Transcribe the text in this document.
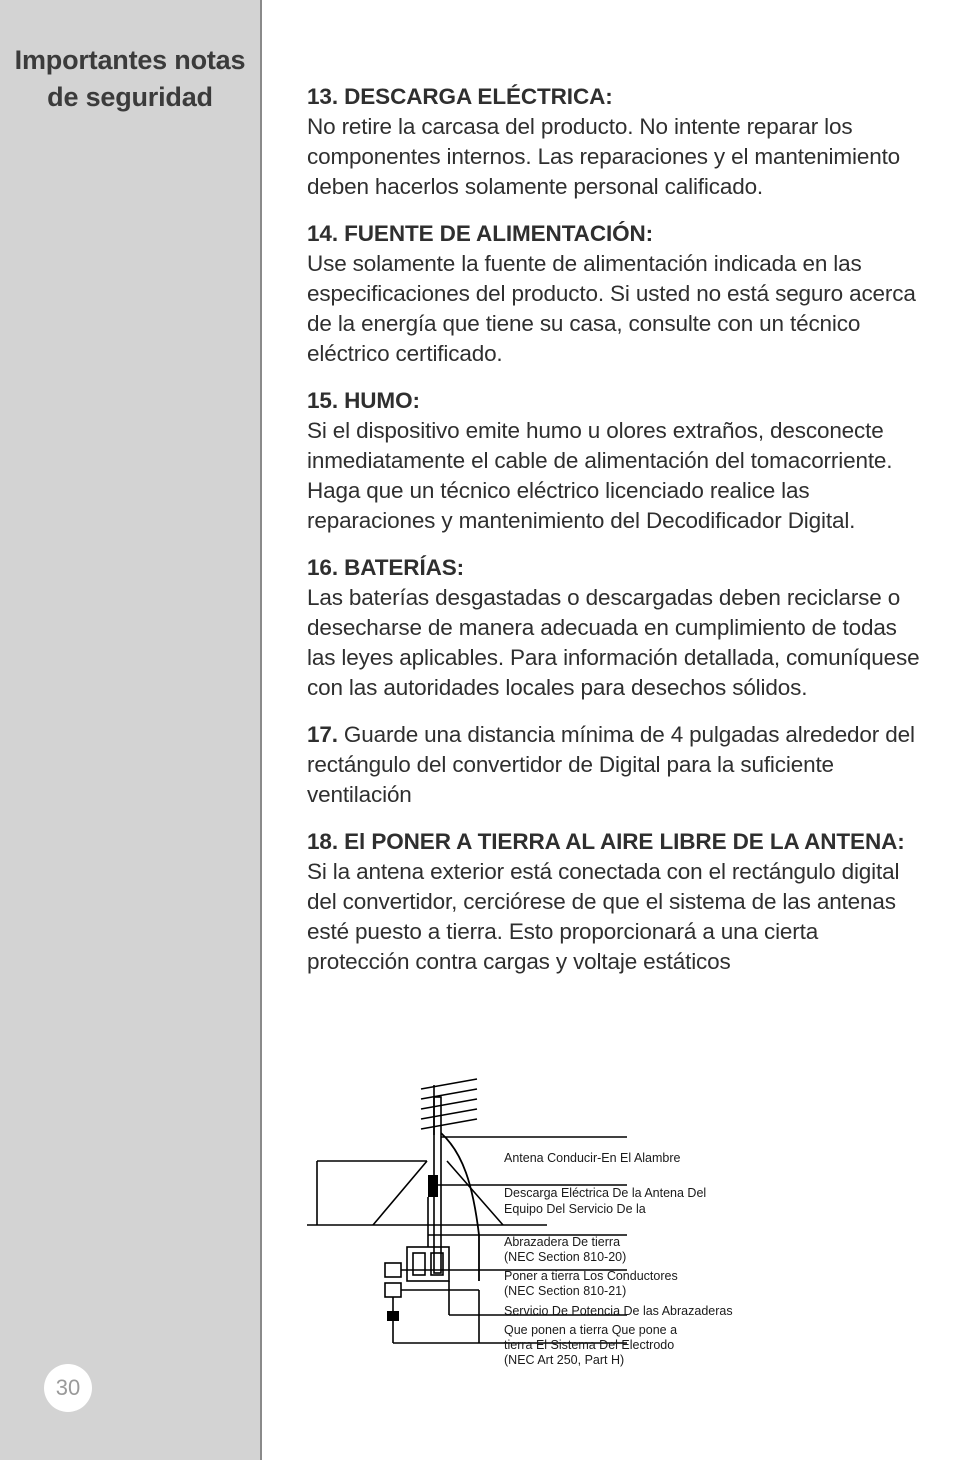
Importantes notas de seguridad
30
13. DESCARGA ELÉCTRICA:

No retire la carcasa del producto. No intente reparar los componentes internos. Las reparaciones y el mantenimiento deben hacerlos solamente personal calificado.

14. FUENTE DE ALIMENTACIÓN:

Use solamente la fuente de alimentación indicada en las especificaciones del producto. Si usted no está seguro acerca de la energía que tiene su casa, consulte con un técnico eléctrico certificado.

15. HUMO:

Si el dispositivo emite humo u olores extraños, desconecte inmediatamente el cable de alimentación del tomacorriente. Haga que un técnico eléctrico licenciado realice las reparaciones y mantenimiento del Decodificador Digital.

16. BATERÍAS:

Las baterías desgastadas o descargadas deben reciclarse o desecharse de manera adecuada en cumplimiento de todas las leyes aplicables. Para información detallada, comuníquese con las autoridades locales para desechos sólidos.

17. Guarde una distancia mínima de 4 pulgadas alrededor del rectángulo del convertidor de Digital para la suficiente ventilación

18. El PONER A TIERRA AL AIRE LIBRE DE LA ANTENA:

Si la antena exterior está conectada con el rectángulo digital del convertidor, cerciórese de que el sistema de las antenas esté puesto a tierra. Esto proporcionará a una cierta protección contra cargas y voltaje estáticos

Antena Conducir-En El Alambre
Descarga Eléctrica De la Antena Del
Equipo Del Servicio De la
Abrazadera De tierra
(NEC Section 810-20)
Poner a tierra Los Conductores
(NEC Section 810-21)
Servicio De Potencia De las Abrazaderas
Que ponen a tierra Que pone a
tierra El Sistema Del Electrodo
(NEC Art 250, Part H)
